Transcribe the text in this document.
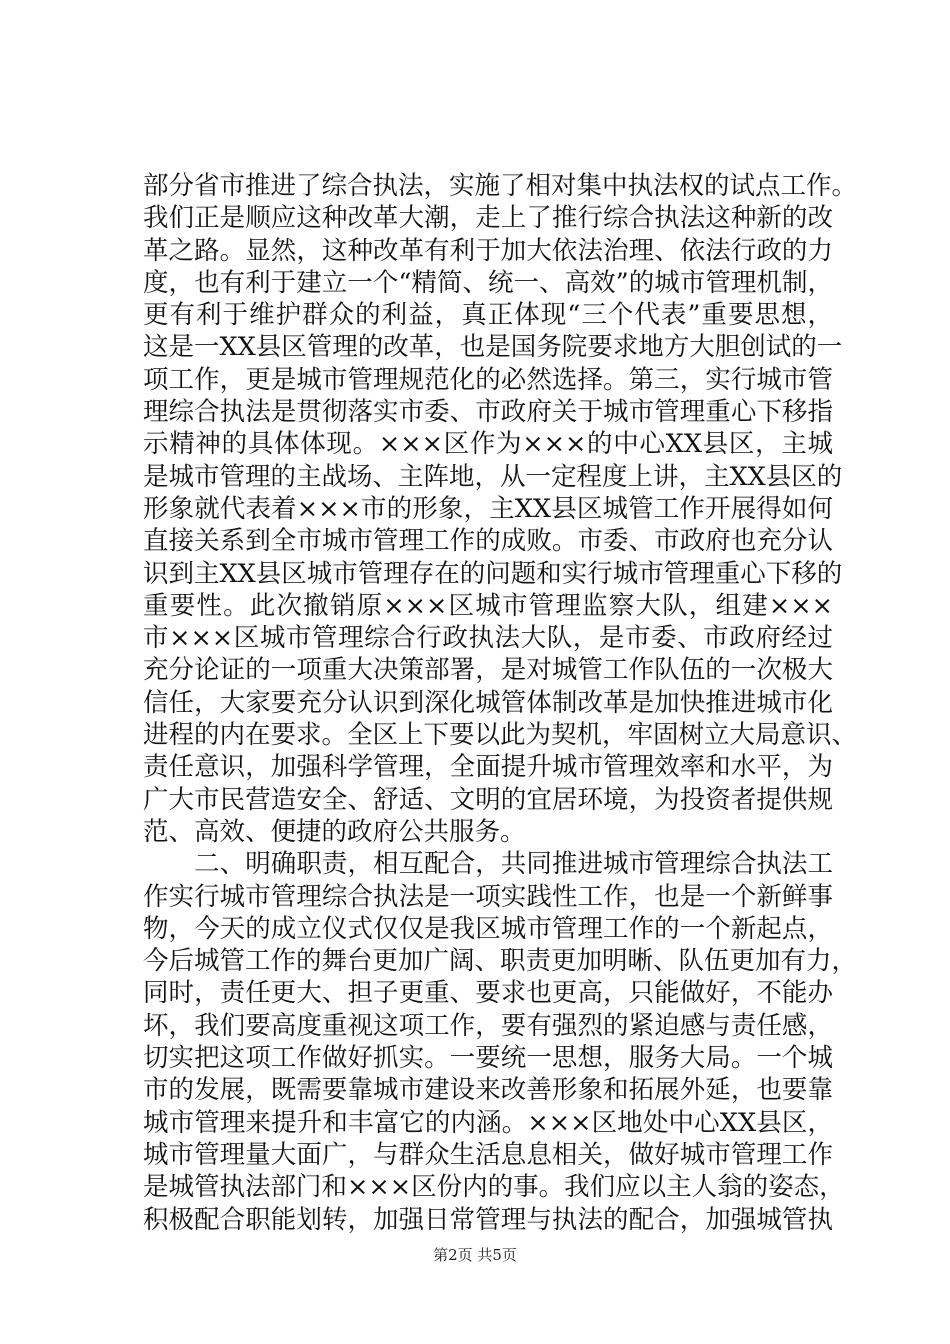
部分省市推进了综合执法，实施了相对集中执法权的试点工作。
我们正是顺应这种改革大潮，走上了推行综合执法这种新的改
革之路。显然，这种改革有利于加大依法治理、依法行政的力
度，也有利于建立一个“精简、统一、高效”的城市管理机制，
更有利于维护群众的利益，真正体现“三个代表”重要思想，
这是一XX县区管理的改革，也是国务院要求地方大胆创试的一
项工作，更是城市管理规范化的必然选择。第三，实行城市管
理综合执法是贯彻落实市委、市政府关于城市管理重心下移指
示精神的具体体现。×××区作为×××的中心XX县区，主城
是城市管理的主战场、主阵地，从一定程度上讲，主XX县区的
形象就代表着×××市的形象，主XX县区城管工作开展得如何
直接关系到全市城市管理工作的成败。市委、市政府也充分认
识到主XX县区城市管理存在的问题和实行城市管理重心下移的
重要性。此次撤销原×××区城市管理监察大队，组建×××
市×××区城市管理综合行政执法大队，是市委、市政府经过
充分论证的一项重大决策部署，是对城管工作队伍的一次极大
信任，大家要充分认识到深化城管体制改革是加快推进城市化
进程的内在要求。全区上下要以此为契机，牢固树立大局意识、
责任意识，加强科学管理，全面提升城市管理效率和水平，为
广大市民营造安全、舒适、文明的宜居环境，为投资者提供规
范、高效、便捷的政府公共服务。
　　二、明确职责，相互配合，共同推进城市管理综合执法工
作实行城市管理综合执法是一项实践性工作，也是一个新鲜事
物，今天的成立仪式仅仅是我区城市管理工作的一个新起点，
今后城管工作的舞台更加广阔、职责更加明晰、队伍更加有力，
同时，责任更大、担子更重、要求也更高，只能做好，不能办
坏，我们要高度重视这项工作，要有强烈的紧迫感与责任感，
切实把这项工作做好抓实。一要统一思想，服务大局。一个城
市的发展，既需要靠城市建设来改善形象和拓展外延，也要靠
城市管理来提升和丰富它的内涵。×××区地处中心XX县区，
城市管理量大面广，与群众生活息息相关，做好城市管理工作
是城管执法部门和×××区份内的事。我们应以主人翁的姿态，
积极配合职能划转，加强日常管理与执法的配合，加强城管执
第2页 共5页
